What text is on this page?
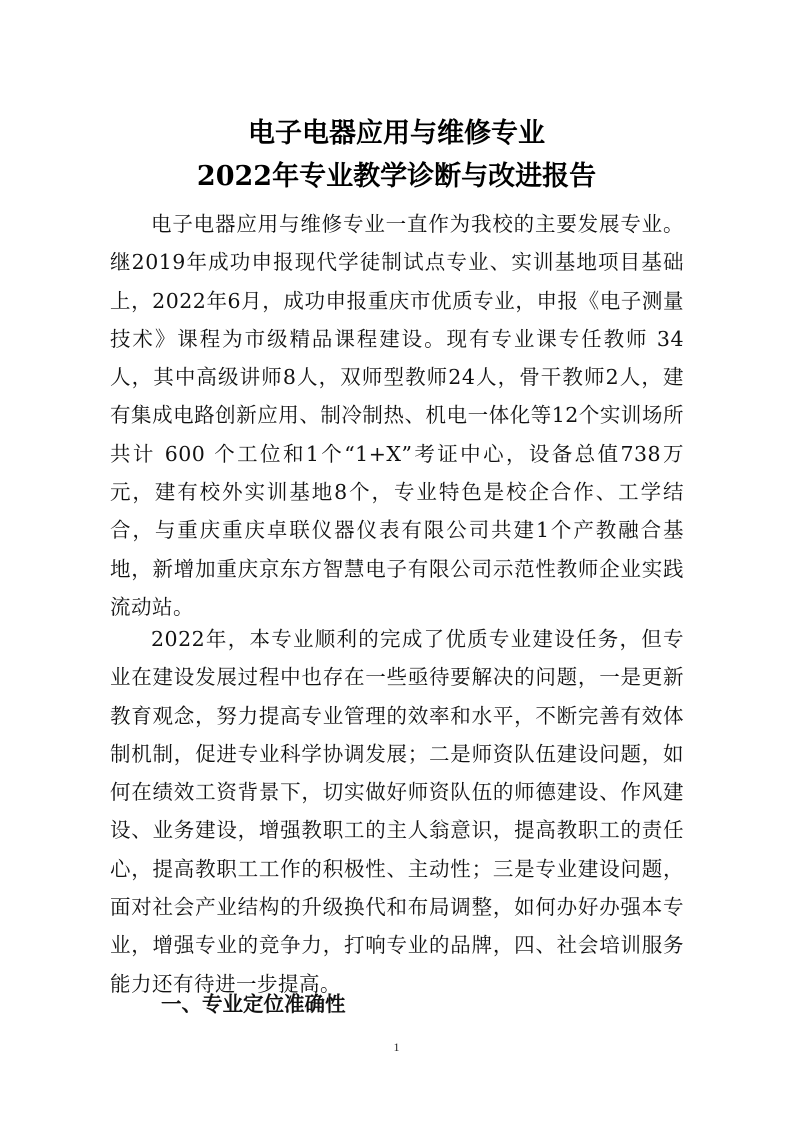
电子电器应用与维修专业
2022年专业教学诊断与改进报告

电子电器应用与维修专业一直作为我校的主要发展专业。继2019年成功申报现代学徒制试点专业、实训基地项目基础上，2022年6月，成功申报重庆市优质专业，申报《电子测量技术》课程为市级精品课程建设。现有专业课专任教师 34人，其中高级讲师8人，双师型教师24人，骨干教师2人，建有集成电路创新应用、制冷制热、机电一体化等12个实训场所共计 600 个工位和1个“1+X”考证中心，设备总值738万元，建有校外实训基地8个，专业特色是校企合作、工学结合，与重庆重庆卓联仪器仪表有限公司共建1个产教融合基地，新增加重庆京东方智慧电子有限公司示范性教师企业实践流动站。

2022年，本专业顺利的完成了优质专业建设任务，但专业在建设发展过程中也存在一些亟待要解决的问题，一是更新教育观念，努力提高专业管理的效率和水平，不断完善有效体制机制，促进专业科学协调发展；二是师资队伍建设问题，如何在绩效工资背景下，切实做好师资队伍的师德建设、作风建设、业务建设，增强教职工的主人翁意识，提高教职工的责任心，提高教职工工作的积极性、主动性；三是专业建设问题，面对社会产业结构的升级换代和布局调整，如何办好办强本专业，增强专业的竞争力，打响专业的品牌，四、社会培训服务能力还有待进一步提高。

一、专业定位准确性
1
